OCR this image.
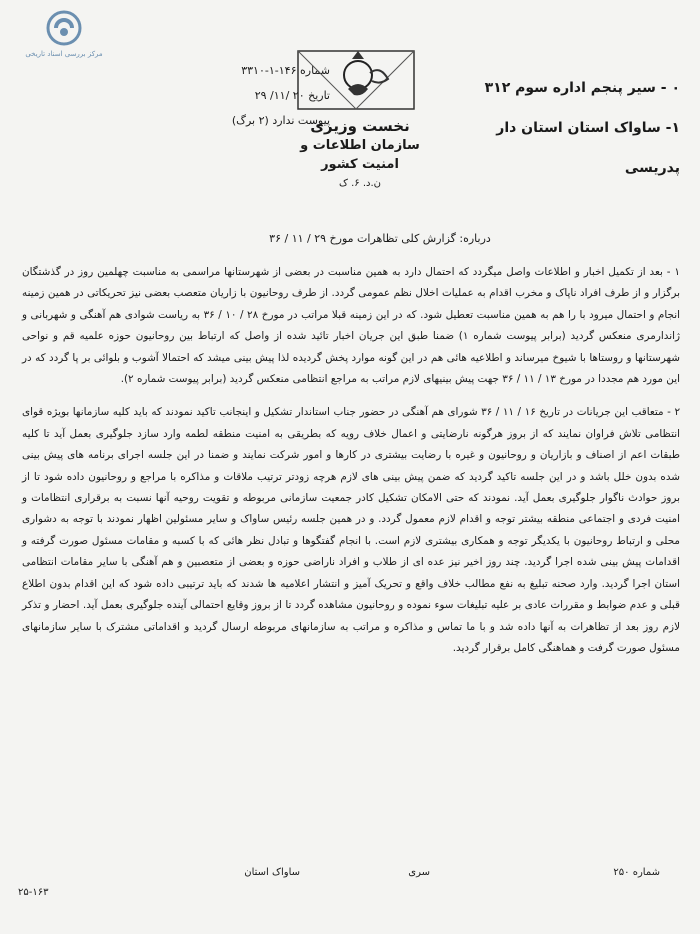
مرکز بررسی اسناد تاریخی
شماره ۱۴۶-۱-۳۳۱۰
تاریخ ۲۰ /۱۱/ ۲۹
پیوست ندارد (۲ برگ)
نخست وزیری
سازمان اطلاعات و امنیت کشور
ن.د. ۶. ک
۰ - سیر پنجم اداره سوم ۳۱۲
۱- ساواک استان استان دار پدریسی
درباره: گزارش کلی تظاهرات مورخ ۲۹ / ۱۱ / ۳۶

۱ - بعد از تکمیل اخبار و اطلاعات واصل میگردد که احتمال دارد به همین مناسبت در بعضی از شهرستانها مراسمی به مناسبت چهلمین روز در گذشتگان برگزار و از طرف افراد ناپاک و مخرب اقدام به عملیات اخلال نظم عمومی گردد. از طرف روحانیون با زاریان متعصب بعضی نیز تحریکاتی در همین زمینه انجام و احتمال میرود با را هم به همین مناسبت تعطیل شود. که در این زمینه قبلا مراتب در مورخ ۲۸ / ۱۰ / ۳۶ به ریاست شوادی هم آهنگی و شهربانی و ژاندارمری منعکس گردید (برابر پیوست شماره ۱) ضمنا طبق این جریان اخبار تائید شده از واصل که ارتباط بین روحانیون حوزه علمیه قم و نواحی شهرستانها و روستاها با شیوخ میرساند و اطلاعیه هائی هم در این گونه موارد پخش گردیده لذا پیش بینی میشد که احتمالا آشوب و بلوائی بر پا گردد که در این مورد هم مجددا در مورخ ۱۳ / ۱۱ / ۳۶ جهت پیش بینیهای لازم مراتب به مراجع انتظامی منعکس گردید (برابر پیوست شماره ۲).

۲ - متعاقب این جریانات در تاریخ ۱۶ / ۱۱ / ۳۶ شورای هم آهنگی در حضور جناب استاندار تشکیل و اینجانب تاکید نمودند که باید کلیه سازمانها بویژه قوای انتظامی تلاش فراوان نمایند که از بروز هرگونه نارضایتی و اعمال خلاف رویه که بطریقی به امنیت منطقه لطمه وارد سازد جلوگیری بعمل آید تا کلیه طبقات اعم از اصناف و بازاریان و روحانیون و غیره با رضایت بیشتری در کارها و امور شرکت نمایند و ضمنا در این جلسه اجرای برنامه های پیش بینی شده بدون خلل باشد و در این جلسه تاکید گردید که ضمن پیش بینی های لازم هرچه زودتر ترتیب ملاقات و مذاکره با مراجع و روحانیون داده شود تا از بروز حوادث ناگوار جلوگیری بعمل آید. نمودند که حتی الامکان تشکیل کادر جمعیت سازمانی مربوطه و تقویت روحیه آنها نسبت به برقراری انتظامات و امنیت فردی و اجتماعی منطقه بیشتر توجه و اقدام لازم معمول گردد. و در همین جلسه رئیس ساواک و سایر مسئولین اظهار نمودند با توجه به دشواری محلی و ارتباط روحانیون با یکدیگر توجه و همکاری بیشتری لازم است. با انجام گفتگوها و تبادل نظر هائی که با کسبه و مقامات مسئول صورت گرفته و اقدامات پیش بینی شده اجرا گردید. چند روز اخیر نیز عده ای از طلاب و افراد ناراضی حوزه و بعضی از متعصبین و هم آهنگی با سایر مقامات انتظامی استان اجرا گردید. وارد صحنه تبلیغ به نفع مطالب خلاف واقع و تحریک آمیز و انتشار اعلامیه ها شدند که باید ترتیبی داده شود که این اقدام بدون اطلاع قبلی و عدم ضوابط و مقررات عادی بر علیه تبلیغات سوء نموده و روحانیون مشاهده گردد تا از بروز وقایع احتمالی آینده جلوگیری بعمل آید. احضار و تذکر لازم روز بعد از تظاهرات به آنها داده شد و با ما تماس و مذاکره و مراتب به سازمانهای مربوطه ارسال گردید و اقداماتی مشترک با سایر سازمانهای مسئول صورت گرفت و هماهنگی کامل برقرار گردید.

شماره ۲۵۰
سری
ساواک استان
۲۵-۱۶۳
